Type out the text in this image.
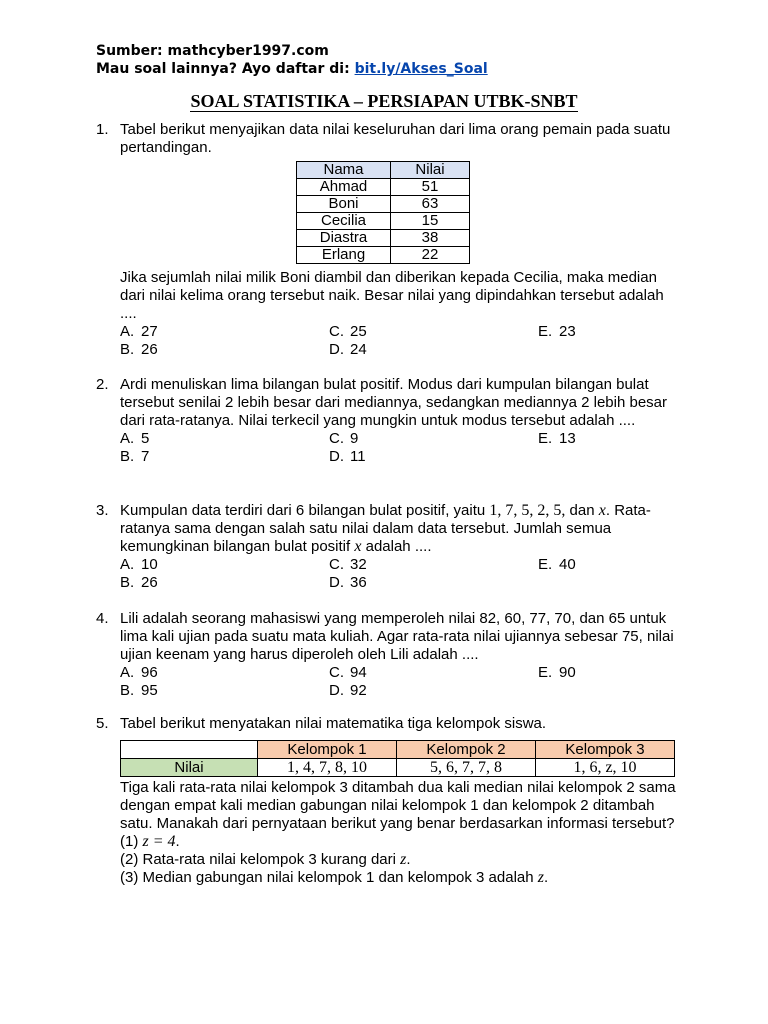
Sumber: mathcyber1997.com
Mau soal lainnya? Ayo daftar di: bit.ly/Akses_Soal
SOAL STATISTIKA – PERSIAPAN UTBK-SNBT
1. Tabel berikut menyajikan data nilai keseluruhan dari lima orang pemain pada suatu pertandingan.
Nama	Nilai
Ahmad	51
Boni	63
Cecilia	15
Diastra	38
Erlang	22
Jika sejumlah nilai milik Boni diambil dan diberikan kepada Cecilia, maka median dari nilai kelima orang tersebut naik. Besar nilai yang dipindahkan tersebut adalah ....
A. 27
B. 26
C. 25
D. 24
E. 23
2. Ardi menuliskan lima bilangan bulat positif. Modus dari kumpulan bilangan bulat tersebut senilai 2 lebih besar dari mediannya, sedangkan mediannya 2 lebih besar dari rata-ratanya. Nilai terkecil yang mungkin untuk modus tersebut adalah ....
A. 5
B. 7
C. 9
D. 11
E. 13
3. Kumpulan data terdiri dari 6 bilangan bulat positif, yaitu 1, 7, 5, 2, 5, dan x. Rata-ratanya sama dengan salah satu nilai dalam data tersebut. Jumlah semua kemungkinan bilangan bulat positif x adalah ....
A. 10
B. 26
C. 32
D. 36
E. 40
4. Lili adalah seorang mahasiswi yang memperoleh nilai 82, 60, 77, 70, dan 65 untuk lima kali ujian pada suatu mata kuliah. Agar rata-rata nilai ujiannya sebesar 75, nilai ujian keenam yang harus diperoleh oleh Lili adalah ....
A. 96
B. 95
C. 94
D. 92
E. 90
5. Tabel berikut menyatakan nilai matematika tiga kelompok siswa.
	Kelompok 1	Kelompok 2	Kelompok 3
Nilai	1, 4, 7, 8, 10	5, 6, 7, 7, 8	1, 6, z, 10
Tiga kali rata-rata nilai kelompok 3 ditambah dua kali median nilai kelompok 2 sama dengan empat kali median gabungan nilai kelompok 1 dan kelompok 2 ditambah satu. Manakah dari pernyataan berikut yang benar berdasarkan informasi tersebut?
(1) z = 4.
(2) Rata-rata nilai kelompok 3 kurang dari z.
(3) Median gabungan nilai kelompok 1 dan kelompok 3 adalah z.
